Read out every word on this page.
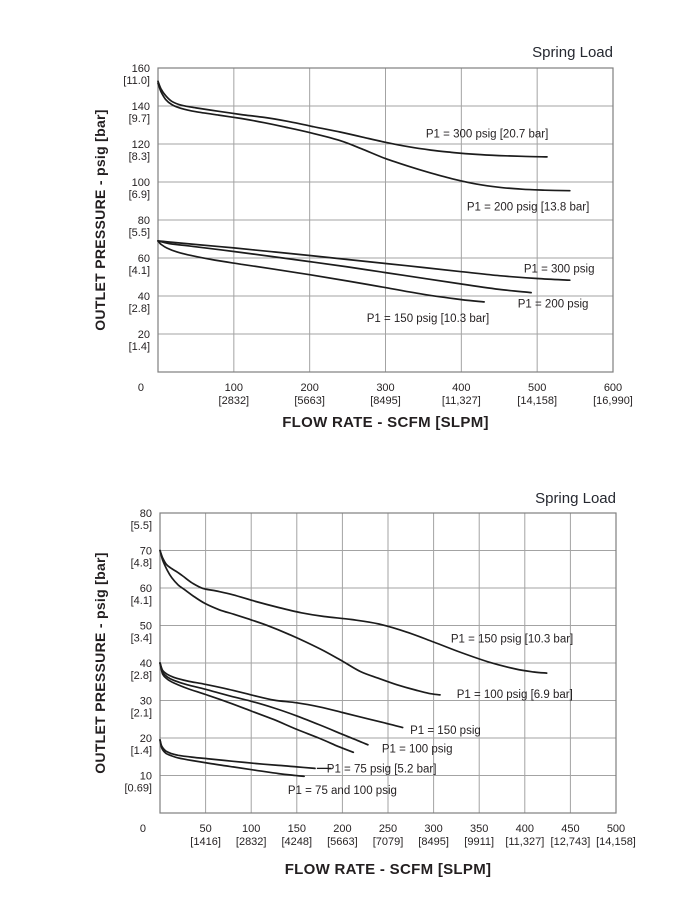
Spring Load
OUTLET PRESSURE - psig [bar]
160 [11.0]
140 [9.7]
120 [8.3]
100 [6.9]
80 [5.5]
60 [4.1]
40 [2.8]
20 [1.4]
100 [2832]
200 [5663]
300 [8495]
400 [11,327]
500 [14,158]
600 [16,990]
0
P1 = 300 psig [20.7 bar]
P1 = 200 psig [13.8 bar]
P1 = 300 psig
P1 = 200 psig
P1 = 150 psig [10.3 bar]
FLOW RATE - SCFM [SLPM]
Spring Load
OUTLET PRESSURE - psig [bar]
80 [5.5]
70 [4.8]
60 [4.1]
50 [3.4]
40 [2.8]
30 [2.1]
20 [1.4]
10 [0.69]
50 [1416]
100 [2832]
150 [4248]
200 [5663]
250 [7079]
300 [8495]
350 [9911]
400 [11,327]
450 [12,743]
500 [14,158]
0
P1 = 150 psig [10.3 bar]
P1 = 100 psig [6.9 bar]
P1 = 150 psig
P1 = 100 psig
P1 = 75 psig [5.2 bar]
P1 = 75 and 100 psig
FLOW RATE - SCFM [SLPM]
